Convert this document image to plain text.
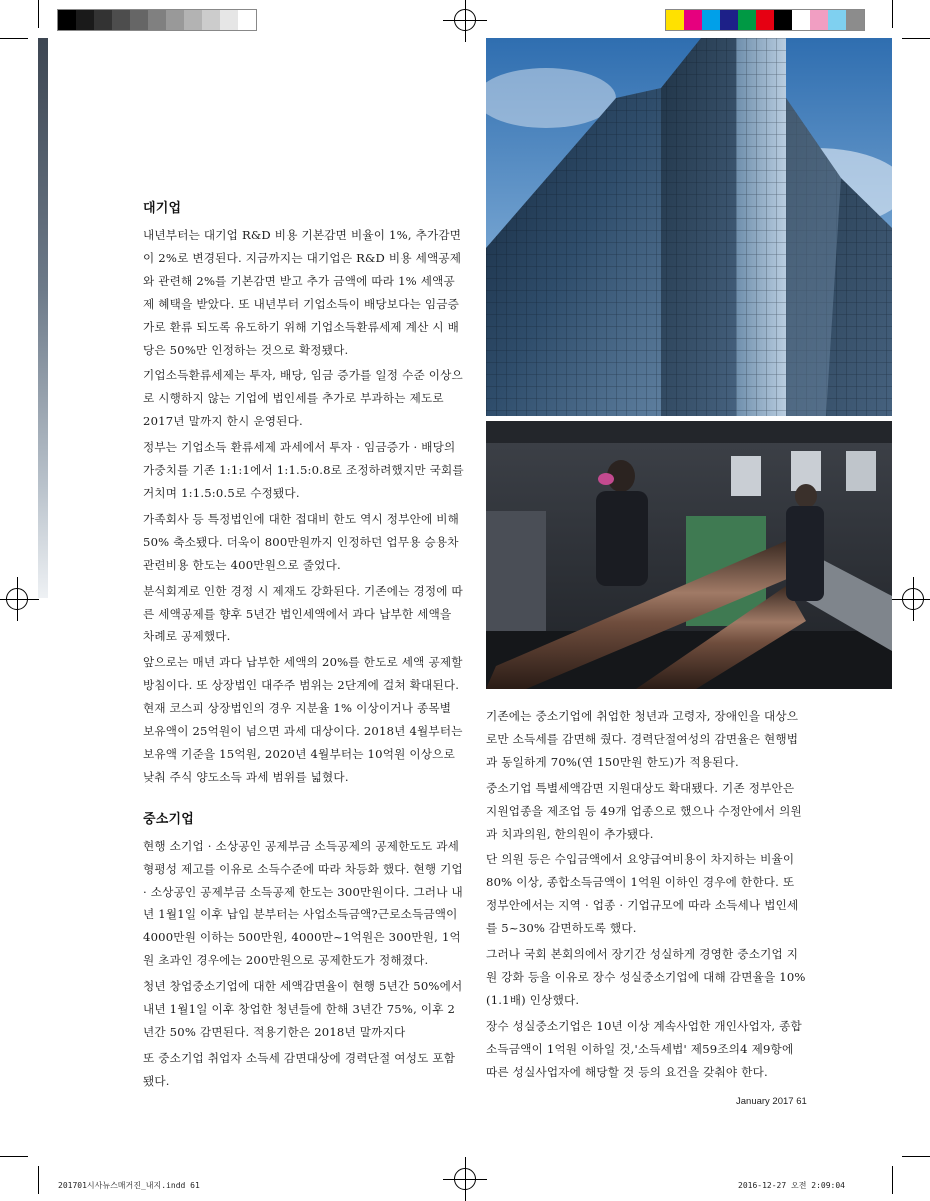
대기업

내년부터는 대기업 R&D 비용 기본감면 비율이 1%, 추가감면이 2%로 변경된다. 지금까지는 대기업은 R&D 비용 세액공제와 관련해 2%를 기본감면 받고 추가 금액에 따라 1% 세액공제 혜택을 받았다. 또 내년부터 기업소득이 배당보다는 임금증가로 환류 되도록 유도하기 위해 기업소득환류세제 계산 시 배당은 50%만 인정하는 것으로 확정됐다.

기업소득환류세제는 투자, 배당, 임금 증가를 일정 수준 이상으로 시행하지 않는 기업에 법인세를 추가로 부과하는 제도로 2017년 말까지 한시 운영된다.

정부는 기업소득 환류세제 과세에서 투자 · 임금증가 · 배당의 가중치를 기존 1:1:1에서 1:1.5:0.8로 조정하려했지만 국회를 거치며 1:1.5:0.5로 수정됐다.

가족회사 등 특정법인에 대한 접대비 한도 역시 정부안에 비해 50% 축소됐다. 더욱이 800만원까지 인정하던 업무용 승용차 관련비용 한도는 400만원으로 줄었다.

분식회계로 인한 경정 시 제재도 강화된다. 기존에는 경정에 따른 세액공제를 향후 5년간 법인세액에서 과다 납부한 세액을 차례로 공제했다.

앞으로는 매년 과다 납부한 세액의 20%를 한도로 세액 공제할 방침이다. 또 상장법인 대주주 범위는 2단계에 걸쳐 확대된다. 현재 코스피 상장법인의 경우 지분율 1% 이상이거나 종목별 보유액이 25억원이 넘으면 과세 대상이다. 2018년 4월부터는 보유액 기준을 15억원, 2020년 4월부터는 10억원 이상으로 낮춰 주식 양도소득 과세 범위를 넓혔다.

중소기업

현행 소기업 · 소상공인 공제부금 소득공제의 공제한도도 과세 형평성 제고를 이유로 소득수준에 따라 차등화 했다. 현행 기업 · 소상공인 공제부금 소득공제 한도는 300만원이다. 그러나 내년 1월1일 이후 납입 분부터는 사업소득금액?근로소득금액이 4000만원 이하는 500만원, 4000만~1억원은 300만원, 1억원 초과인 경우에는 200만원으로 공제한도가 정해졌다.

청년 창업중소기업에 대한 세액감면율이 현행 5년간 50%에서 내년 1월1일 이후 창업한 청년들에 한해 3년간 75%, 이후 2년간 50% 감면된다. 적용기한은 2018년 말까지다

또 중소기업 취업자 소득세 감면대상에 경력단절 여성도 포함됐다.

기존에는 중소기업에 취업한 청년과 고령자, 장애인을 대상으로만 소득세를 감면해 줬다. 경력단절여성의 감면율은 현행법과 동일하게 70%(연 150만원 한도)가 적용된다.

중소기업 특별세액감면 지원대상도 확대됐다. 기존 정부안은 지원업종을 제조업 등 49개 업종으로 했으나 수정안에서 의원과 치과의원, 한의원이 추가됐다.

단 의원 등은 수입금액에서 요양급여비용이 차지하는 비율이 80% 이상, 종합소득금액이 1억원 이하인 경우에 한한다. 또 정부안에서는 지역 · 업종 · 기업규모에 따라 소득세나 법인세를 5~30% 감면하도록 했다.

그러나 국회 본회의에서 장기간 성실하게 경영한 중소기업 지원 강화 등을 이유로 장수 성실중소기업에 대해 감면율을 10%(1.1배) 인상했다.

장수 성실중소기업은 10년 이상 계속사업한 개인사업자, 종합소득금액이 1억원 이하일 것,'소득세법' 제59조의4 제9항에 따른 성실사업자에 해당할 것 등의 요건을 갖춰야 한다.

January 2017 61
201701시사뉴스매거진_내지.indd 61	2016-12-27 오전 2:09:04
